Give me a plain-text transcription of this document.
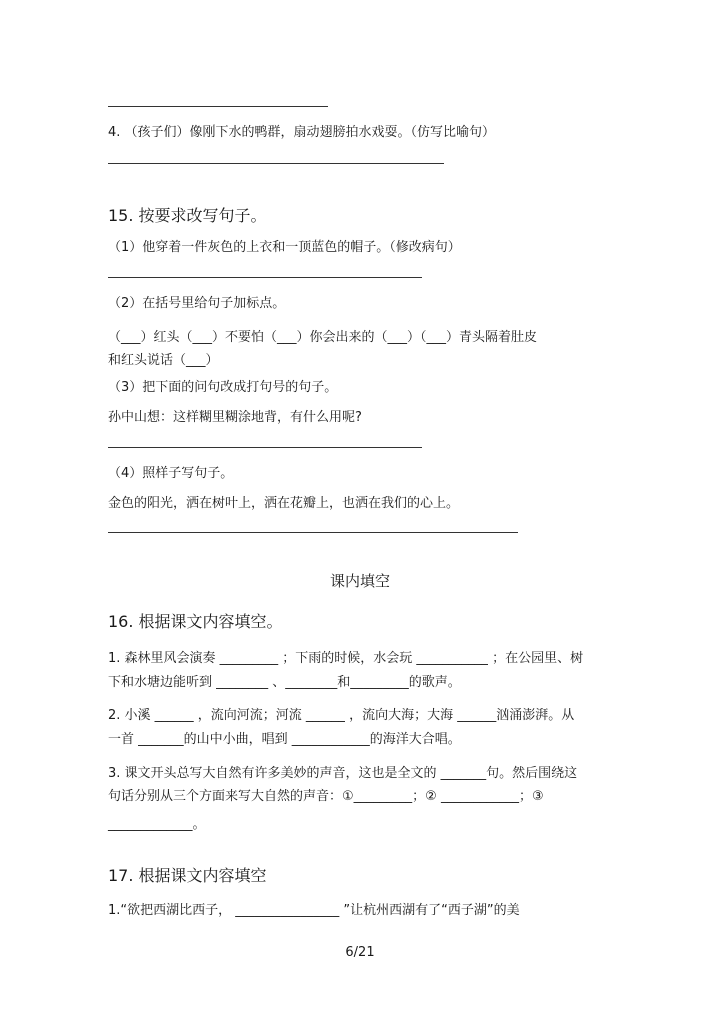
4. （孩子们）像刚下水的鸭群，扇动翅膀拍水戏耍。（仿写比喻句）
15. 按要求改写句子。
（1）他穿着一件灰色的上衣和一顶蓝色的帽子。（修改病句）
（2）在括号里给句子加标点。
（___）红头（___）不要怕（___）你会出来的（___）（___）青头隔着肚皮
和红头说话（___）
（3）把下面的问句改成打句号的句子。
孙中山想：这样糊里糊涂地背，有什么用呢?
（4）照样子写句子。
金色的阳光，洒在树叶上，洒在花瓣上，也洒在我们的心上。
课内填空
16. 根据课文内容填空。
1. 森林里风会演奏 _________ ；下雨的时候，水会玩 ___________ ；在公园里、树
下和水塘边能听到 ________ 、________和_________的歌声。
2. 小溪 ______ ，流向河流；河流 ______ ，流向大海；大海 ______汹涌澎湃。从
一首 _______的山中小曲，唱到 ____________的海洋大合唱。
3. 课文开头总写大自然有许多美妙的声音，这也是全文的 _______句。然后围绕这
句话分别从三个方面来写大自然的声音：①_________；② ____________；③
_____________。
17. 根据课文内容填空
1.“欲把西湖比西子， ________________ ”让杭州西湖有了“西子湖”的美
6/21
